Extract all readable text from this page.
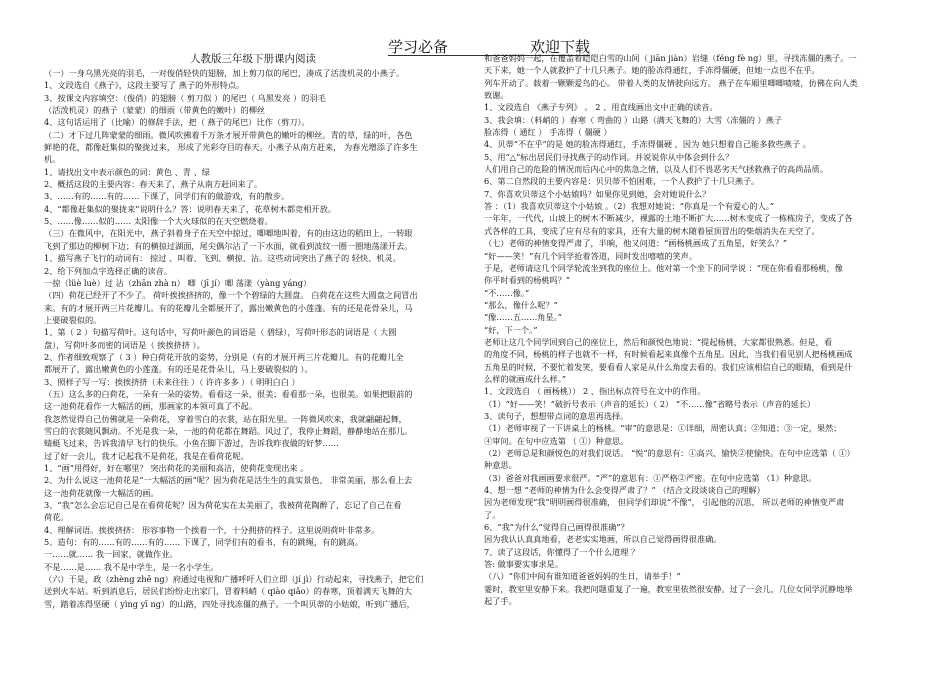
学习必备	欢迎下载

人教版三年级下册课内阅读

（一）一身乌黑光亮的羽毛，一对俊俏轻快的翅膀，加上剪刀似的尾巴，凑成了活泼机灵的小燕子。

1、文段选自《燕子》，这段主要写了 燕子的外形特点。

3、按课文内容填空：（俊俏）的翅膀（ 剪刀似 ）的尾巴（ 乌黑发亮 ）的羽毛

（活泼机灵）的燕子（蒙蒙）的细雨（带黄色的嫩叶）的柳丝

4、这句话运用了（比喻）的修辞手法，把（ 燕子的尾巴）比作（剪刀）。

（二）才下过几阵蒙蒙的细雨。微风吹拂着千万条才展开带黄色的嫩叶的柳丝。青的草，绿的叶，各色

鲜艳的花，都像赶集似的聚拢过来， 形成了光彩夺目的春天。小燕子从南方赶来， 为春光增添了许多生

机。

1、请找出文中表示颜色的词：黄色 、青 、绿

2、概括这段的主要内容：春天来了，燕子从南方赶回来了。

3、……有的……有的…… 下课了，同学们有的做游戏，有的散步。

4、“都像赶集似的聚拢来”说明什么？答：说明春天来了，花草树木都竞相开放。

5、……像……似的…… 太阳像一个大火球似的在天空燃烧着。

（三）在微风中，在阳光中，燕子斜着身子在天空中掠过，唧唧地叫着，有的由这边的稻田上，一转眼

飞到了那边的柳树下边；有的横掠过湖面，尾尖偶尔沾了一下水面，就看到波纹一圈一圈地荡漾开去。

1、描写燕子飞行的动词有： 掠过 、叫着、飞到、横掠、沾。这些动词突出了燕子的 轻快、机灵。

2、给下列加点字选择正确的读音。

一掠（lüè luè）过 沾（zhān zhà n） 唧（jī jí）唧 荡漾（yàng yáng）

（四）荷花已经开了不少了。 荷叶挨挨挤挤的，像一个个碧绿的大圆盘。 白荷花在这些大圆盘之间冒出

来。有的才展开两三片花瓣儿。有的花瓣儿全都展开了，露出嫩黄色的小莲蓬。有的还是花骨朵儿，马

上要破裂似的。

1、第（ 2 ）句描写荷叶。这句话中，写荷叶颜色的词语是（ 碧绿），写荷叶形态的词语是（ 大圆

盘），写荷叶多而密的词语是（ 挨挨挤挤 ）。

2、作者细致观察了（ 3 ）种白荷花开放的姿势，分别是（有的才展开两三片花瓣儿。有的花瓣儿全

都展开了，露出嫩黄色的小莲蓬。有的还是花骨朵儿，马上要破裂似的 ）。

3、照样子写一写：挨挨挤挤（未来往往 ）（ 许许多多 ）（ 明明白白 ）

（五）这么多的白荷花，一朵有一朵的姿势。看看这一朵，很美；看看那一朵，也很美。如果把眼前的

这一池荷花看作一大幅活的画，那画家的本领可真了不起。

我忽然觉得自己仿佛就是一朵荷花， 穿着雪白的衣裳，站在阳光里。一阵微风吹来，我就翩翩起舞，

雪白的衣裳随风飘动。不光是我一朵，一池的荷花都在舞蹈。风过了，我停止舞蹈，静静地站在那儿。

蜻蜓飞过来，告诉我清早飞行的快乐。小鱼在脚下游过，告诉我昨夜做的好梦……

过了好一会儿，我才记起我不是荷花，我是在看荷花呢。

1、“画”用得好，好在哪里？ 突出荷花的美丽和高洁，使荷花变现出来 。

2、为什么说这一池荷花是“一大幅活的画”呢？因为荷花是活生生的真实景色， 非常美丽，那么看上去

这一池荷花就像一大幅活的画。

3、“我”怎么会忘记自己是在看荷花呢？因为荷花实在太美丽了，我被荷花陶醉了，忘记了自己在看

荷花。

4、理解词语。挨挨挤挤： 形容事物一个挨着一个，十分拥挤的样子。这里说明荷叶非常多。

5、造句：有的……有的……有的…… 下课了，同学们有的看书，有的跳绳，有的跳高。

一……就…… 我一回家，就做作业。

不是……是…… 我不是中学生，是一名小学生。

（六）于是，政（zhèng zhē ng）府通过电视和广播呼吁人们立即（jí jì）行动起来，寻找燕子，把它们

送到火车站。听到消息后，居民们纷纷走出家门，冒着料峭（ qiào qiǎo）的春寒，顶着满天飞舞的大

雪，踏着冻得坚硬（ yìng yī ng）的山路，四处寻找冻僵的燕子。一个叫贝蒂的小姑娘，听到广播后，

和爸爸妈妈一起，在覆盖着皑皑白雪的山间（ jiān jiàn）岩缝（féng fè ng）里，寻找冻僵的燕子。一

天下来，她一个人就救护了十几只燕子。她的脸冻得通红，手冻得僵硬，但她一点也不在乎。

列车开动了。载着一颗颗爱鸟的心。 带着人类的友情驶向远方。 燕子在车厢里唧唧喳喳，仿佛在向人类

致谢。

1、文段选自 《燕子专列》 。 2 、用直线画出文中正确的读音。

3、我会填：（料峭的 ）春寒（ 弯曲的 ）山路（满天飞舞的）大雪（冻僵的 ）燕子

脸冻得（ 通红 ） 手冻得（ 僵硬 ）

4、贝蒂“不在乎”的是 她的脸冻得通红，手冻得僵硬 ，因为 她只想着自己能多救些燕子 。

5、用“△”标出居民们寻找燕子的动作词。并说说你从中体会到什么？

人们用自己的危险的情况而后内心中的焦急之情，以及人们不畏恶劣天气拯救燕子的高尚品质。

6、第二自然段的主要内容是：贝贝蒂不怕困难，一个人救护了十几只燕子。

7、你喜欢贝蒂这个小姑娘吗？如果你见到她，会对她说什么？

答 ：（1）我喜欢贝蒂这个小姑娘 。（2）我想对她说：“你真是一个有爱心的人。”

一年年，一代代，山坡上的树木不断减少，裸露的土地不断扩大……树木变成了一栋栋房子，变成了各

式各样的工具，变成了应有尽有的家具，还有大量的树木随着屋顶冒出的柴烟消失在天空了。

（七）老师的神情变得严肃了，半晌，他又问道：“画杨桃画成了五角星，好笑么？”

“好——笑！”有几个同学抢着答道，同时发出嘻嘻的笑声。

于是，老师请这几个同学轮流坐到我的座位上。他对第一个坐下的同学说 ：“现在你看看那杨桃，像

你平时看到的杨桃吗？”

“不……像。”

“那么，像什么呢？”

“像……五……角星。”

“好，下一个。”

老师让这几个同学回到自己的座位上，然后和颜悦色地说：“提起杨桃，大家都很熟悉。但是，看

的角度不同，杨桃的样子也就不一样，有时候看起来真像个五角星。因此，当我们看见别人把杨桃画成

五角星的时候，不要忙着发笑，要看看人家是从什么角度去看的。我们应该相信自己的眼睛，看到是什

么样的就画成什么样。”

1、文段选自 （ 画杨桃）） 2 、指出标点符号在文中的作用。

（1）“好——笑！”破折号表示（声音的延长）（ 2） “不……像”省略号表示（声音的延长）

3、读句子，想想带点词的意思再选择。

（1）老师审视了一下讲桌上的杨桃。“审”的意思是：①详细，周密认真；②知道；③一定，果然；

④审问。在句中应选第 （ ①）种意思。

（2）老师总是和颜悦色的对我们说话。 “悦”的意思有：①高兴、愉快②使愉快。在句中应选第（ ①）

种意思。

（3）爸爸对我画画要求很严。“严”的意思有：①严格②严密。在句中应选第 （1）种意思。

4、想一想 “老师的神情为什么会变得严肃了？” （结合文段谈谈自己的理解）

因为老师发现“我”明明画得很准确， 但同学们却说“不像”， 引起他的沉思， 所以老师的神情变严肃

了。

6、“我”为什么“觉得自己画得很准确”？

因为我认认真真地看，老老实实地画，所以自己觉得画得很准确。

7、读了这段话，你懂得了一个什么道理 ？

答: 做事要实事求是。

（八）“你们中间有谁知道爸爸妈妈的生日，请举手！”

霎时，教室里安静下来。我把问题重复了一遍，教室里依然很安静。过了一会儿，几位女同学沉静地举

起了手。
